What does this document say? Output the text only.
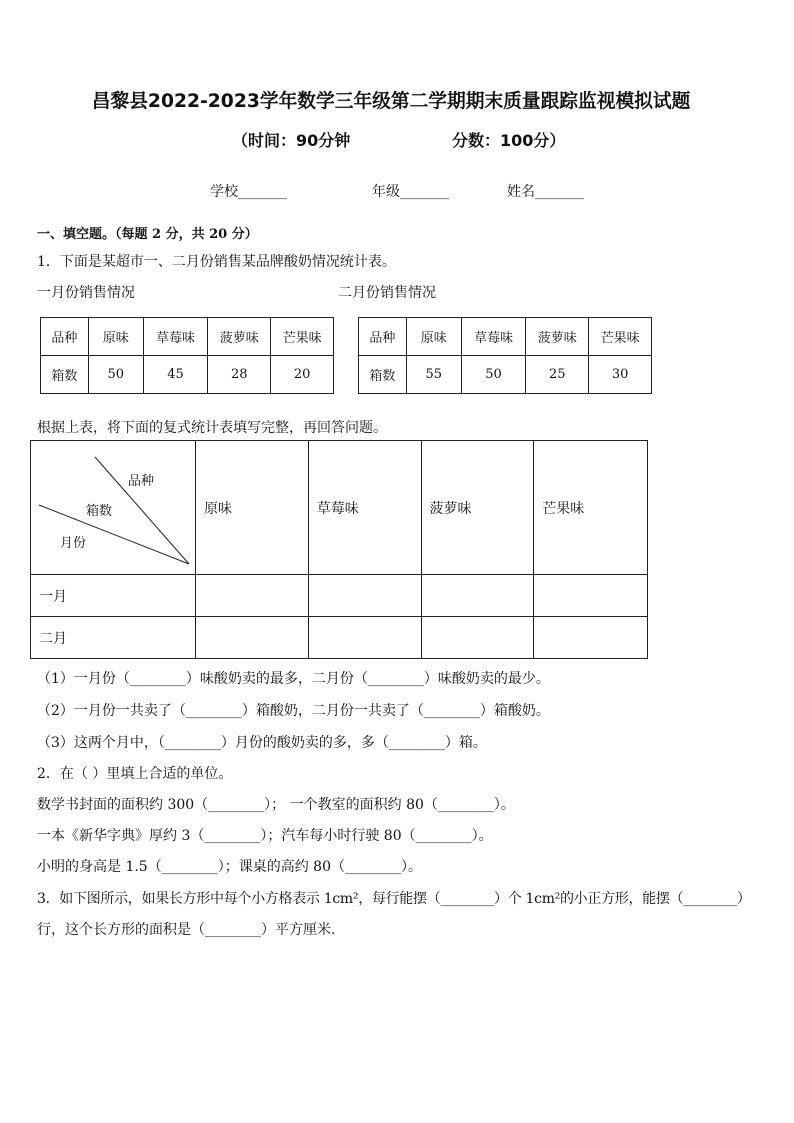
昌黎县2022-2023学年数学三年级第二学期期末质量跟踪监视模拟试题
（时间：90分钟	分数：100分）
学校_______	年级_______	姓名_______
一、填空题。（每题 2 分，共 20 分）
1．下面是某超市一、二月份销售某品牌酸奶情况统计表。
一月份销售情况	二月份销售情况
品种	原味	草莓味	菠萝味	芒果味
箱数	50	45	28	20
品种	原味	草莓味	菠萝味	芒果味
箱数	55	50	25	30
根据上表，将下面的复式统计表填写完整，再回答问题。
品种
箱数
月份	原味	草莓味	菠萝味	芒果味
一月				
二月				
（1）一月份（________）味酸奶卖的最多，二月份（________）味酸奶卖的最少。
（2）一月份一共卖了（________）箱酸奶，二月份一共卖了（________）箱酸奶。
（3）这两个月中，（________）月份的酸奶卖的多，多（________）箱。
2．在（ ）里填上合适的单位。
数学书封面的面积约 300（________）； 一个教室的面积约 80（________）。
一本《新华字典》厚约 3（________）；汽车每小时行驶 80（________）。
小明的身高是 1.5（________）；课桌的高约 80（________）。
3．如下图所示，如果长方形中每个小方格表示 1cm²，每行能摆（________）个 1cm²的小正方形，能摆（________）
行，这个长方形的面积是（________）平方厘米.
